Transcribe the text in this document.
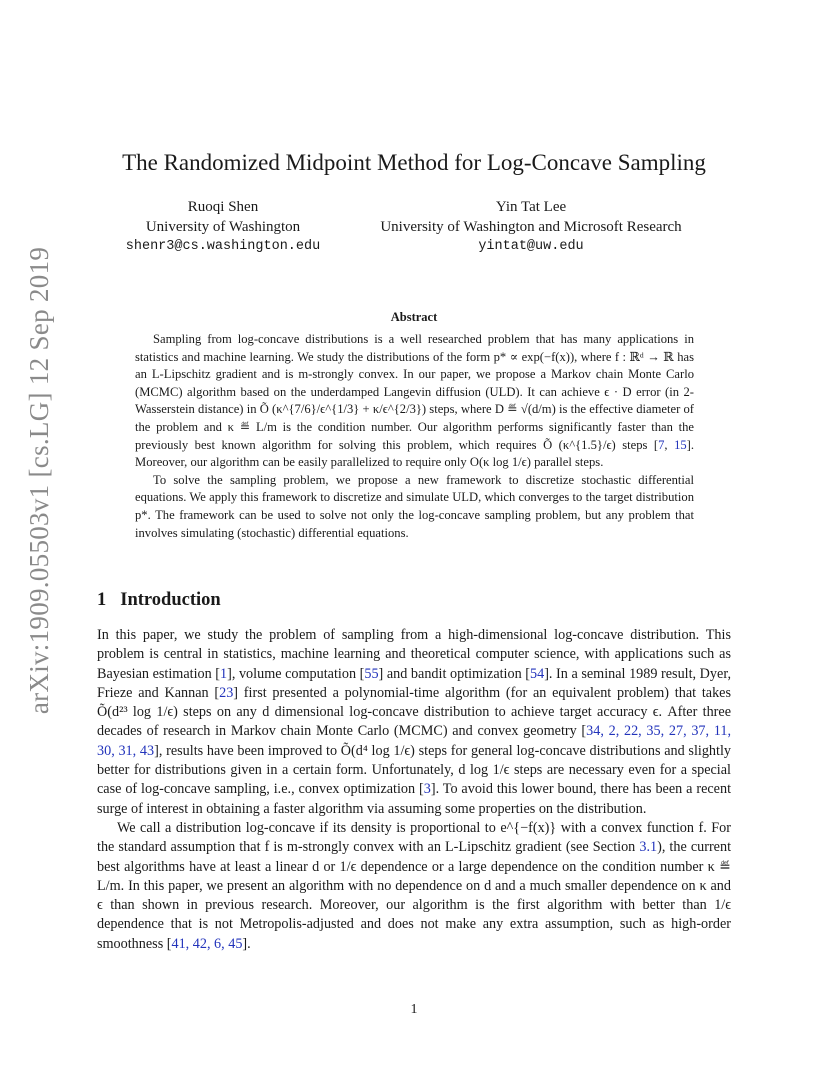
arXiv:1909.05503v1 [cs.LG] 12 Sep 2019
The Randomized Midpoint Method for Log-Concave Sampling
Ruoqi Shen
University of Washington
shenr3@cs.washington.edu
Yin Tat Lee
University of Washington and Microsoft Research
yintat@uw.edu
Abstract

Sampling from log-concave distributions is a well researched problem that has many applications in statistics and machine learning. We study the distributions of the form p* ∝ exp(−f(x)), where f : ℝᵈ → ℝ has an L-Lipschitz gradient and is m-strongly convex. In our paper, we propose a Markov chain Monte Carlo (MCMC) algorithm based on the underdamped Langevin diffusion (ULD). It can achieve ϵ · D error (in 2-Wasserstein distance) in Õ (κ^{7/6}/ϵ^{1/3} + κ/ϵ^{2/3}) steps, where D ≝ √(d/m) is the effective diameter of the problem and κ ≝ L/m is the condition number. Our algorithm performs significantly faster than the previously best known algorithm for solving this problem, which requires Õ (κ^{1.5}/ϵ) steps [7, 15]. Moreover, our algorithm can be easily parallelized to require only O(κ log 1/ϵ) parallel steps.

To solve the sampling problem, we propose a new framework to discretize stochastic differential equations. We apply this framework to discretize and simulate ULD, which converges to the target distribution p*. The framework can be used to solve not only the log-concave sampling problem, but any problem that involves simulating (stochastic) differential equations.

1 Introduction

In this paper, we study the problem of sampling from a high-dimensional log-concave distribution. This problem is central in statistics, machine learning and theoretical computer science, with applications such as Bayesian estimation [1], volume computation [55] and bandit optimization [54]. In a seminal 1989 result, Dyer, Frieze and Kannan [23] first presented a polynomial-time algorithm (for an equivalent problem) that takes Õ(d²³ log 1/ϵ) steps on any d dimensional log-concave distribution to achieve target accuracy ϵ. After three decades of research in Markov chain Monte Carlo (MCMC) and convex geometry [34, 2, 22, 35, 27, 37, 11, 30, 31, 43], results have been improved to Õ(d⁴ log 1/ϵ) steps for general log-concave distributions and slightly better for distributions given in a certain form. Unfortunately, d log 1/ϵ steps are necessary even for a special case of log-concave sampling, i.e., convex optimization [3]. To avoid this lower bound, there has been a recent surge of interest in obtaining a faster algorithm via assuming some properties on the distribution.

We call a distribution log-concave if its density is proportional to e^{−f(x)} with a convex function f. For the standard assumption that f is m-strongly convex with an L-Lipschitz gradient (see Section 3.1), the current best algorithms have at least a linear d or 1/ϵ dependence or a large dependence on the condition number κ ≝ L/m. In this paper, we present an algorithm with no dependence on d and a much smaller dependence on κ and ϵ than shown in previous research. Moreover, our algorithm is the first algorithm with better than 1/ϵ dependence that is not Metropolis-adjusted and does not make any extra assumption, such as high-order smoothness [41, 42, 6, 45].

1
